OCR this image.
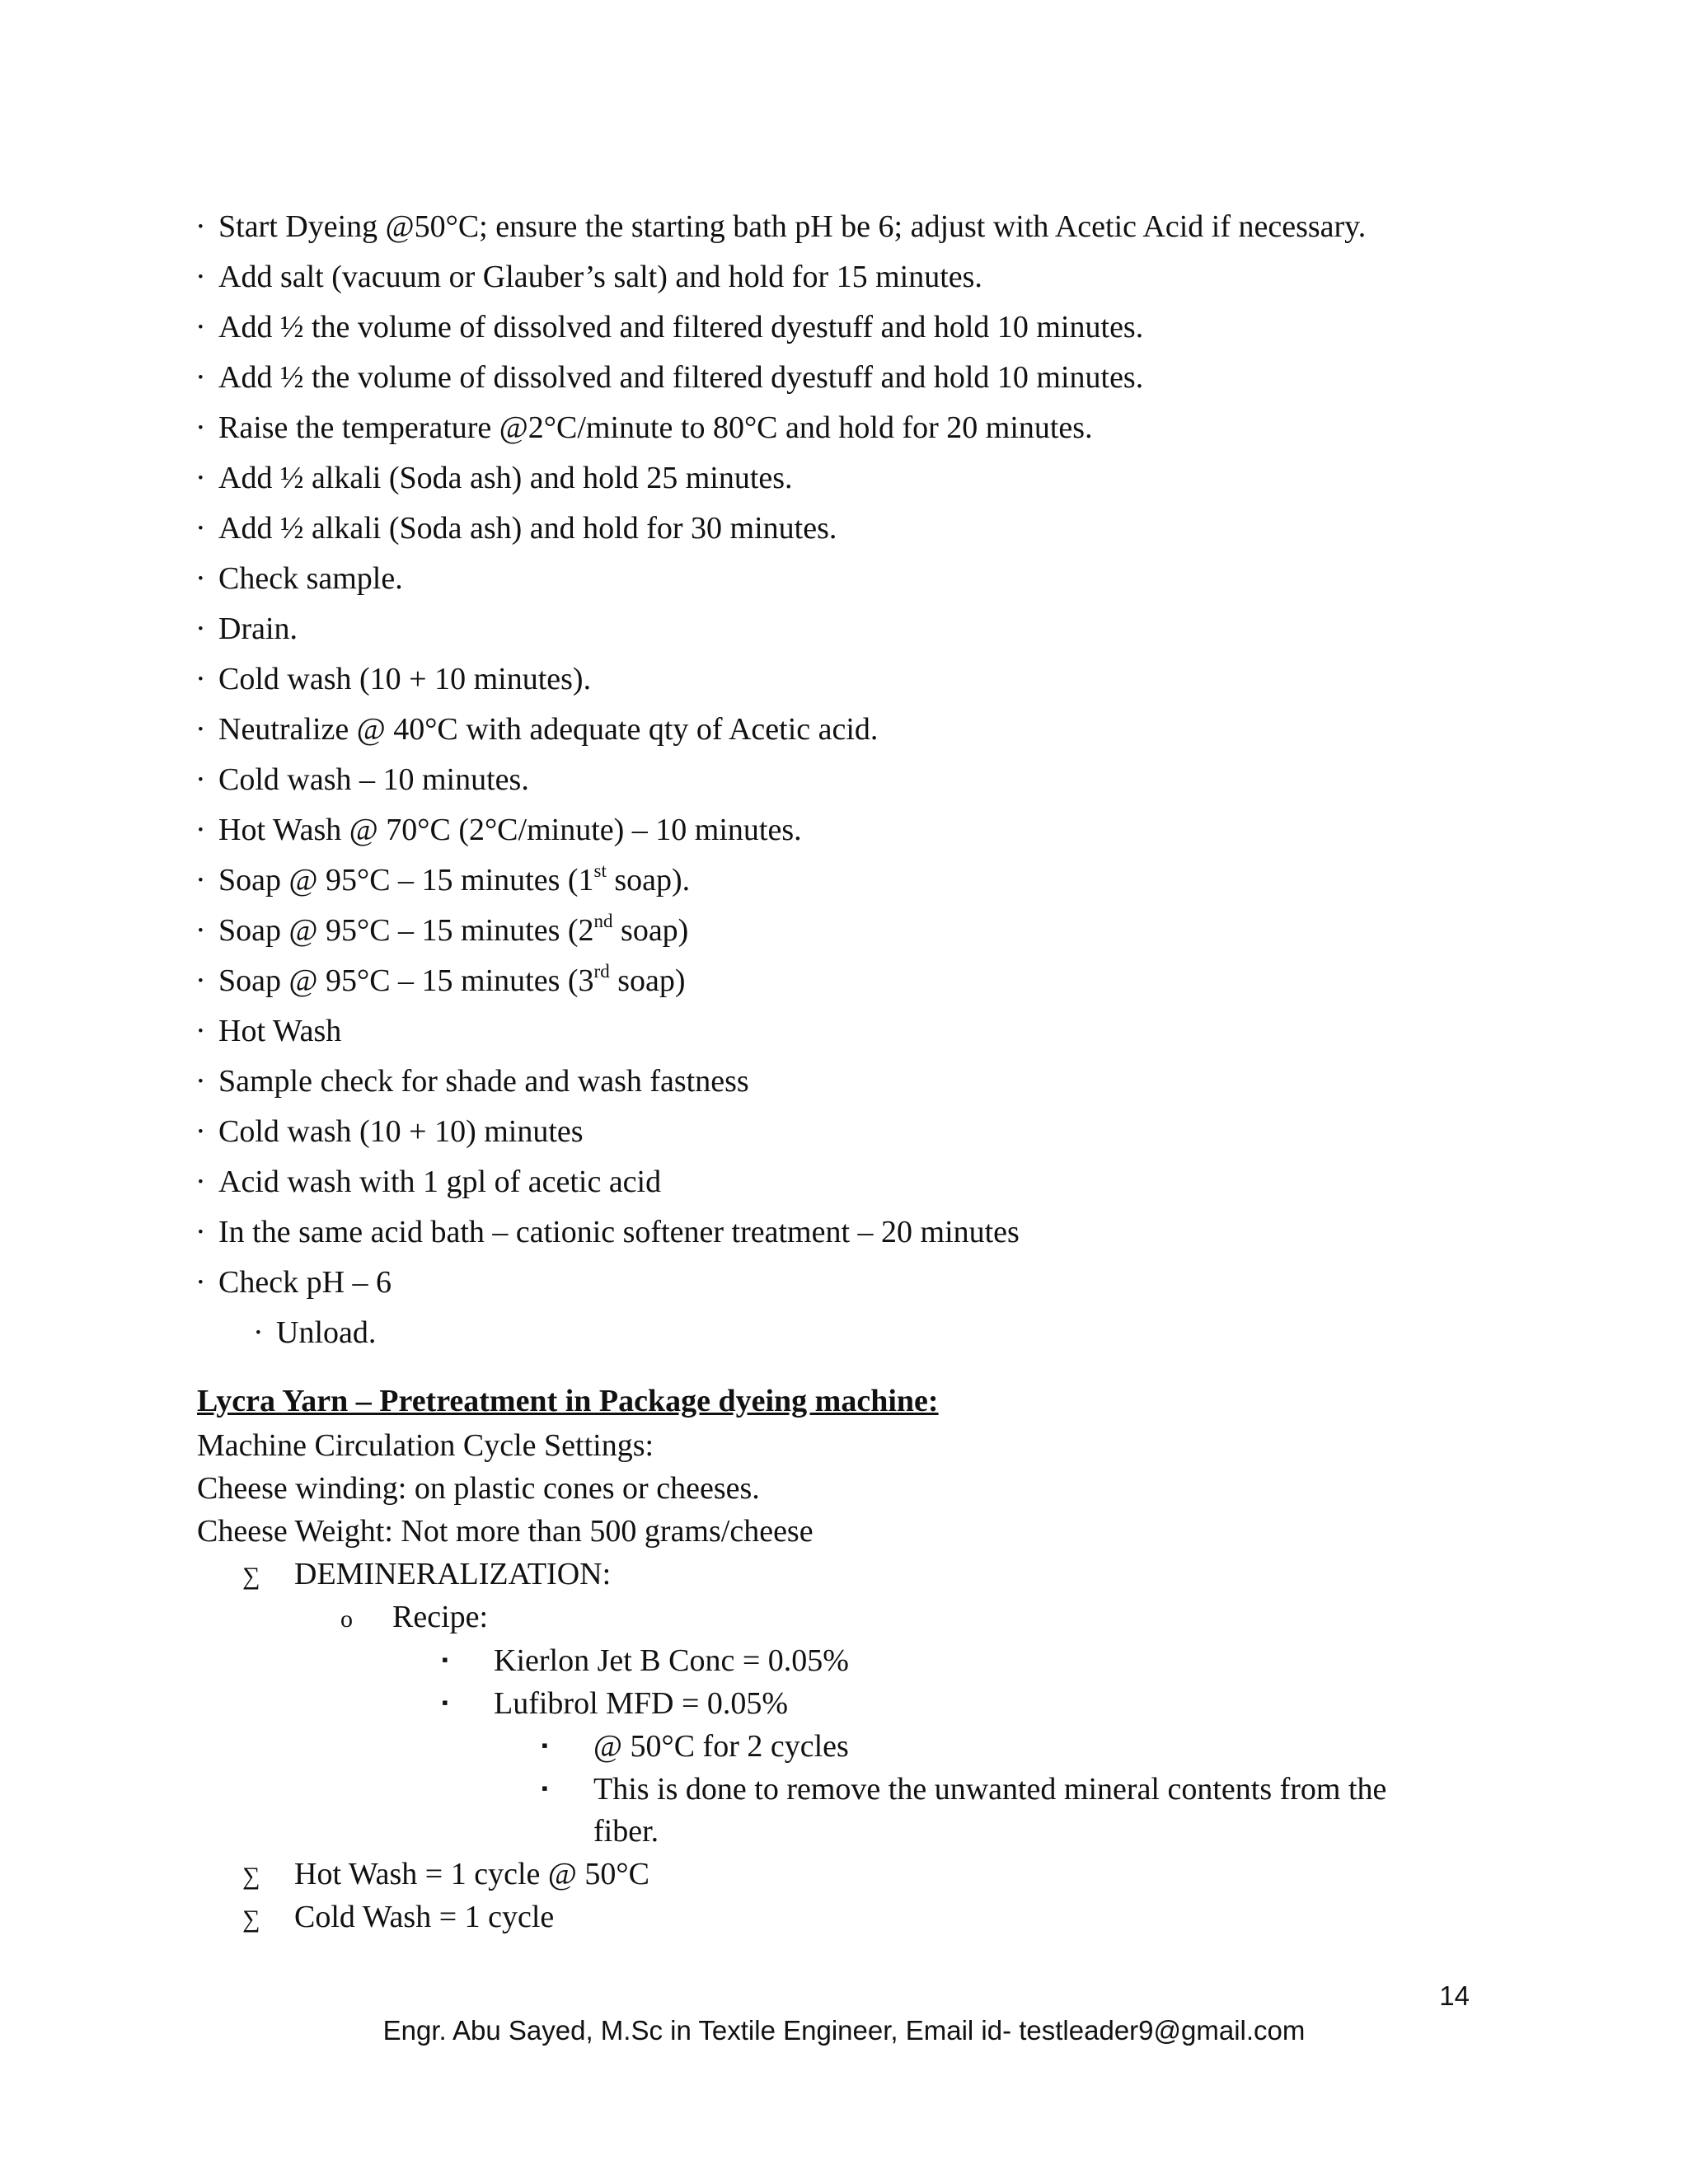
· Start Dyeing @50°C; ensure the starting bath pH be 6; adjust with Acetic Acid if necessary.
· Add salt (vacuum or Glauber’s salt) and hold for 15 minutes.
· Add ½ the volume of dissolved and filtered dyestuff and hold 10 minutes.
· Add ½ the volume of dissolved and filtered dyestuff and hold 10 minutes.
· Raise the temperature @2°C/minute to 80°C and hold for 20 minutes.
· Add ½ alkali (Soda ash) and hold 25 minutes.
· Add ½ alkali (Soda ash) and hold for 30 minutes.
· Check sample.
· Drain.
· Cold wash (10 + 10 minutes).
· Neutralize @ 40°C with adequate qty of Acetic acid.
· Cold wash – 10 minutes.
· Hot Wash @ 70°C (2°C/minute) – 10 minutes.
· Soap @ 95°C – 15 minutes (1st soap).
· Soap @ 95°C – 15 minutes (2nd soap)
· Soap @ 95°C – 15 minutes (3rd soap)
· Hot Wash
· Sample check for shade and wash fastness
· Cold wash (10 + 10) minutes
· Acid wash with 1 gpl of acetic acid
· In the same acid bath – cationic softener treatment – 20 minutes
· Check pH – 6
· Unload.
Lycra Yarn – Pretreatment in Package dyeing machine:
Machine Circulation Cycle Settings:
Cheese winding: on plastic cones or cheeses.
Cheese Weight: Not more than 500 grams/cheese
∑ DEMINERALIZATION:
o Recipe:
▪ Kierlon Jet B Conc = 0.05%
▪ Lufibrol MFD = 0.05%
▪ @ 50°C for 2 cycles
▪ This is done to remove the unwanted mineral contents from the
fiber.
∑ Hot Wash = 1 cycle @ 50°C
∑ Cold Wash = 1 cycle
14
Engr. Abu Sayed, M.Sc in Textile Engineer, Email id- testleader9@gmail.com
